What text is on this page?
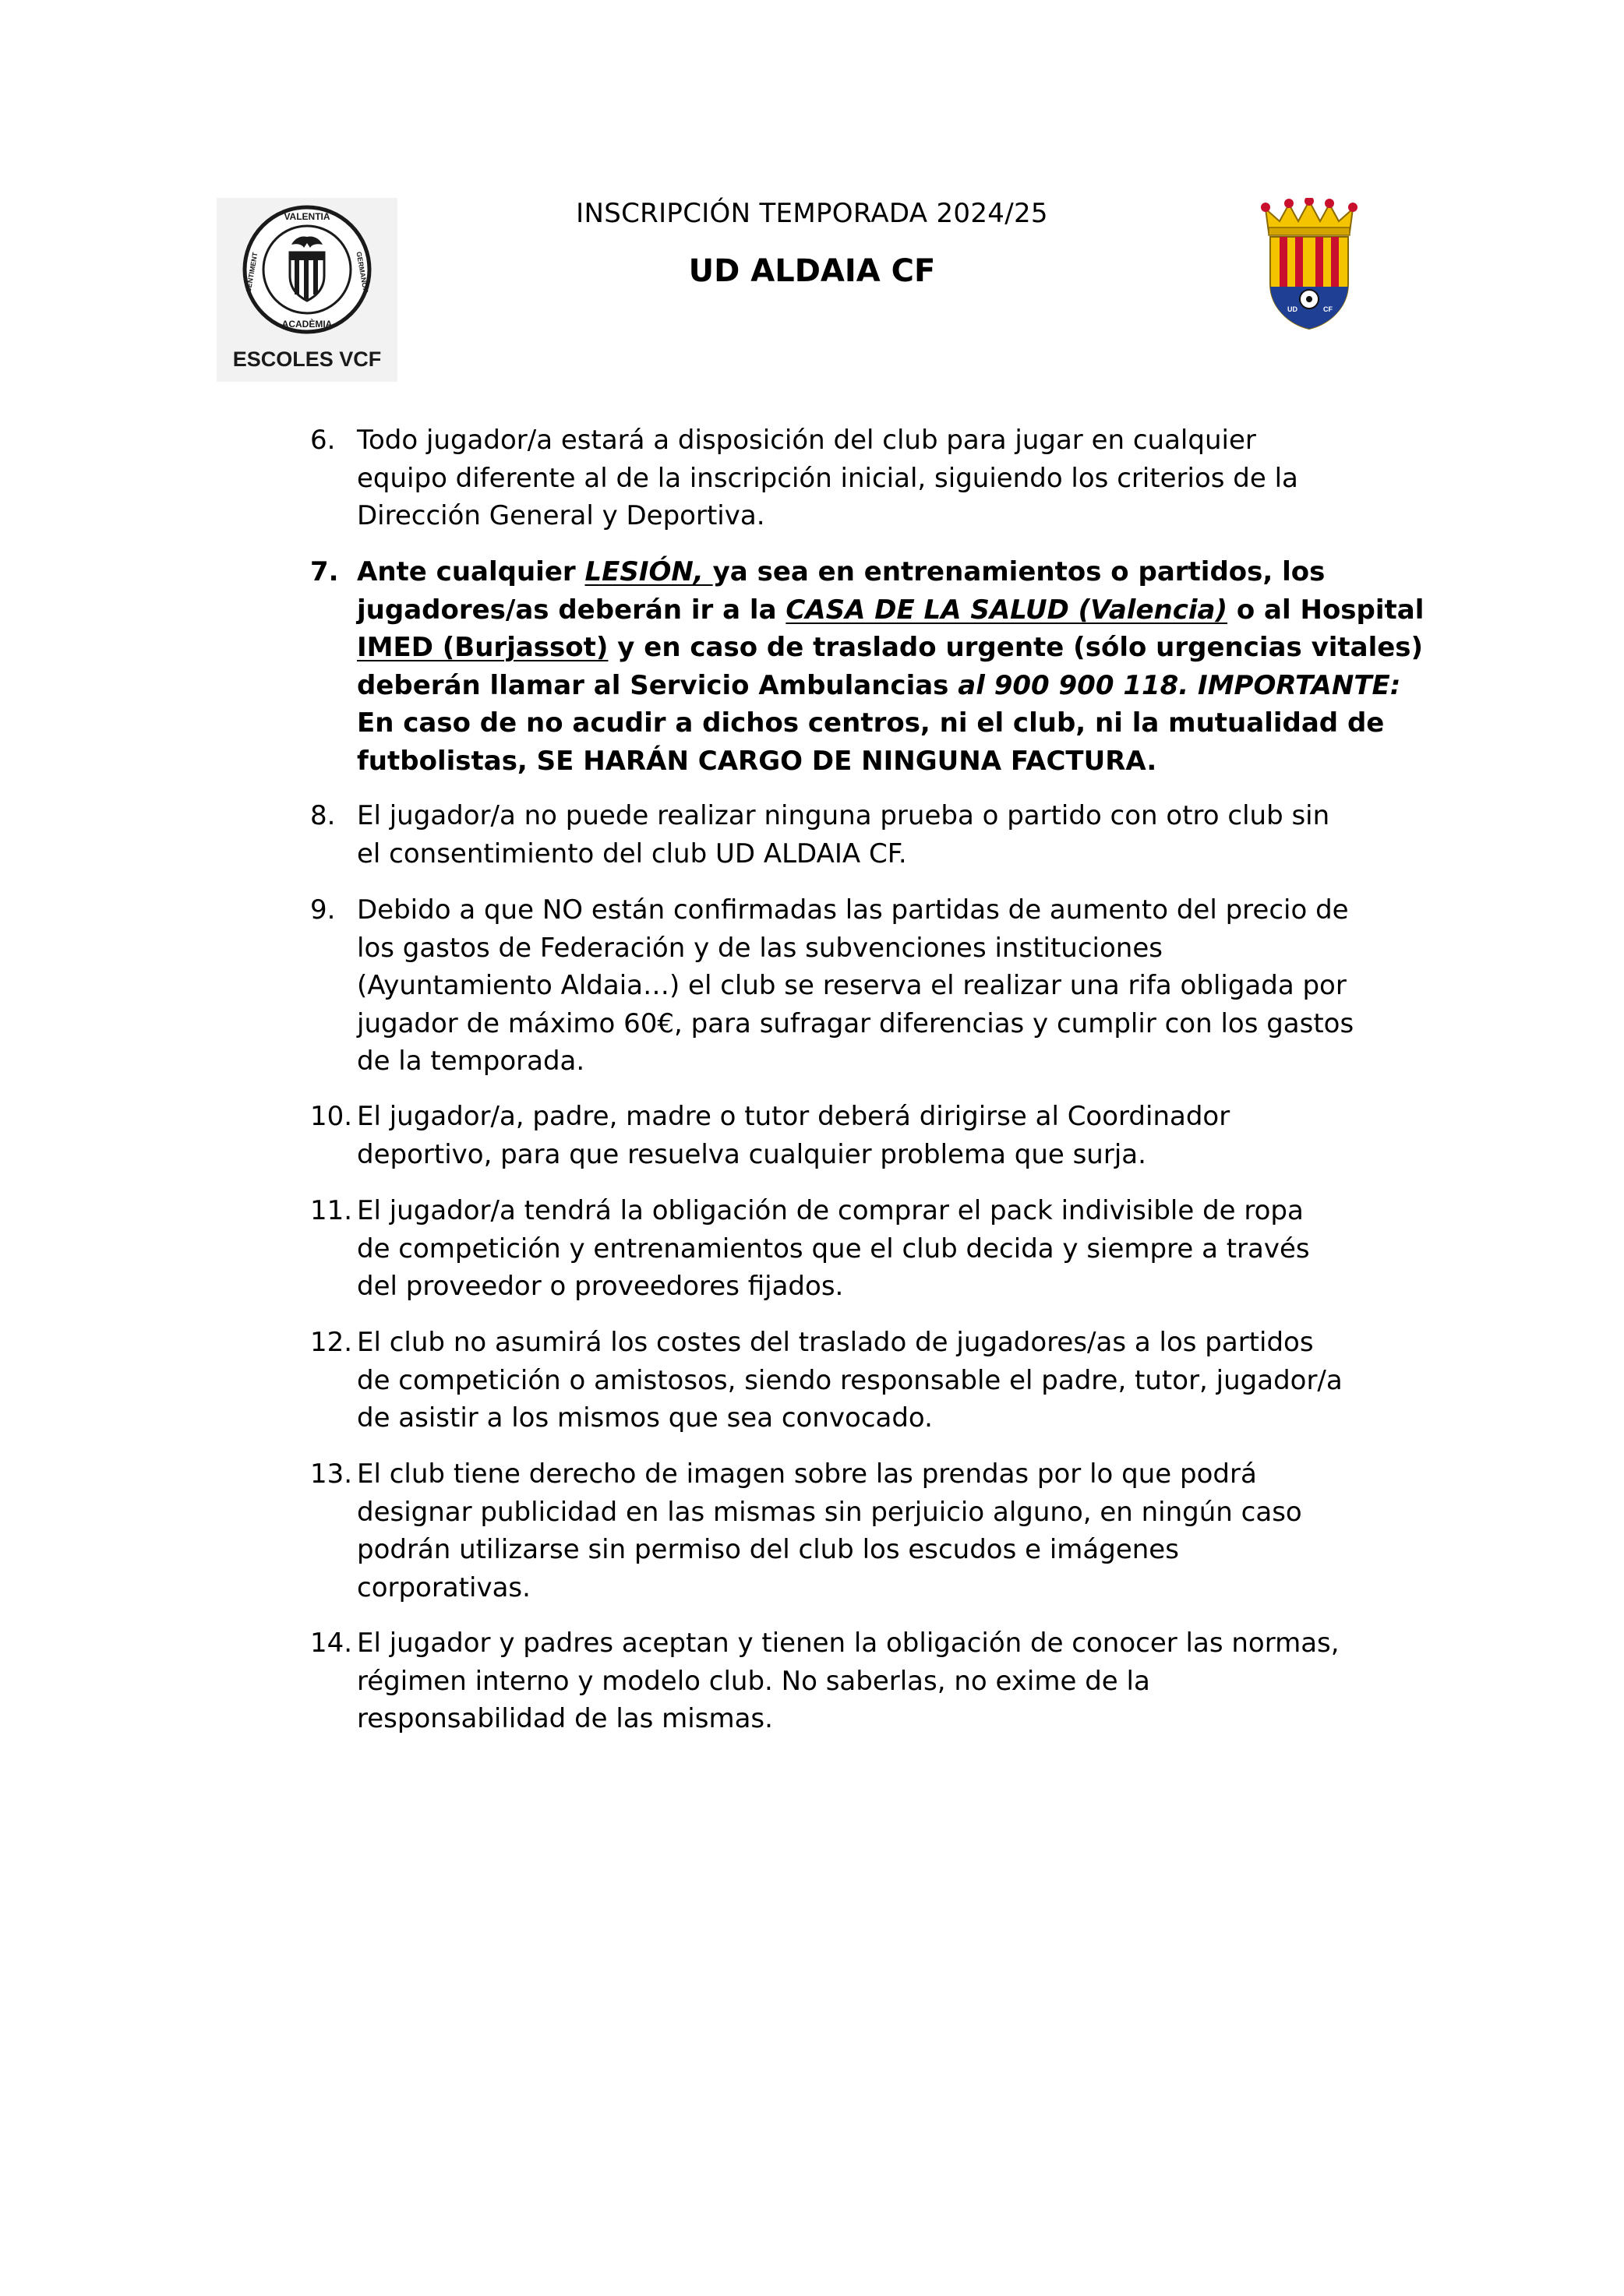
VALENTIA
ACADÈMIA
SENTIMENT	GERMANOR
ESCOLES VCF
INSCRIPCIÓN TEMPORADA 2024/25
UD ALDAIA CF
UD	CF
6. Todo jugador/a estará a disposición del club para jugar en cualquier
equipo diferente al de la inscripción inicial, siguiendo los criterios de la
Dirección General y Deportiva.
7. Ante cualquier LESIÓN, ya sea en entrenamientos o partidos, los
jugadores/as deberán ir a la CASA DE LA SALUD (Valencia) o al Hospital
IMED (Burjassot) y en caso de traslado urgente (sólo urgencias vitales)
deberán llamar al Servicio Ambulancias al 900 900 118. IMPORTANTE:
En caso de no acudir a dichos centros, ni el club, ni la mutualidad de
futbolistas, SE HARÁN CARGO DE NINGUNA FACTURA.
8. El jugador/a no puede realizar ninguna prueba o partido con otro club sin
el consentimiento del club UD ALDAIA CF.
9. Debido a que NO están confirmadas las partidas de aumento del precio de
los gastos de Federación y de las subvenciones instituciones
(Ayuntamiento Aldaia…) el club se reserva el realizar una rifa obligada por
jugador de máximo 60€, para sufragar diferencias y cumplir con los gastos
de la temporada.
10. El jugador/a, padre, madre o tutor deberá dirigirse al Coordinador
deportivo, para que resuelva cualquier problema que surja.
11. El jugador/a tendrá la obligación de comprar el pack indivisible de ropa
de competición y entrenamientos que el club decida y siempre a través
del proveedor o proveedores fijados.
12. El club no asumirá los costes del traslado de jugadores/as a los partidos
de competición o amistosos, siendo responsable el padre, tutor, jugador/a
de asistir a los mismos que sea convocado.
13. El club tiene derecho de imagen sobre las prendas por lo que podrá
designar publicidad en las mismas sin perjuicio alguno, en ningún caso
podrán utilizarse sin permiso del club los escudos e imágenes
corporativas.
14. El jugador y padres aceptan y tienen la obligación de conocer las normas,
régimen interno y modelo club. No saberlas, no exime de la
responsabilidad de las mismas.
